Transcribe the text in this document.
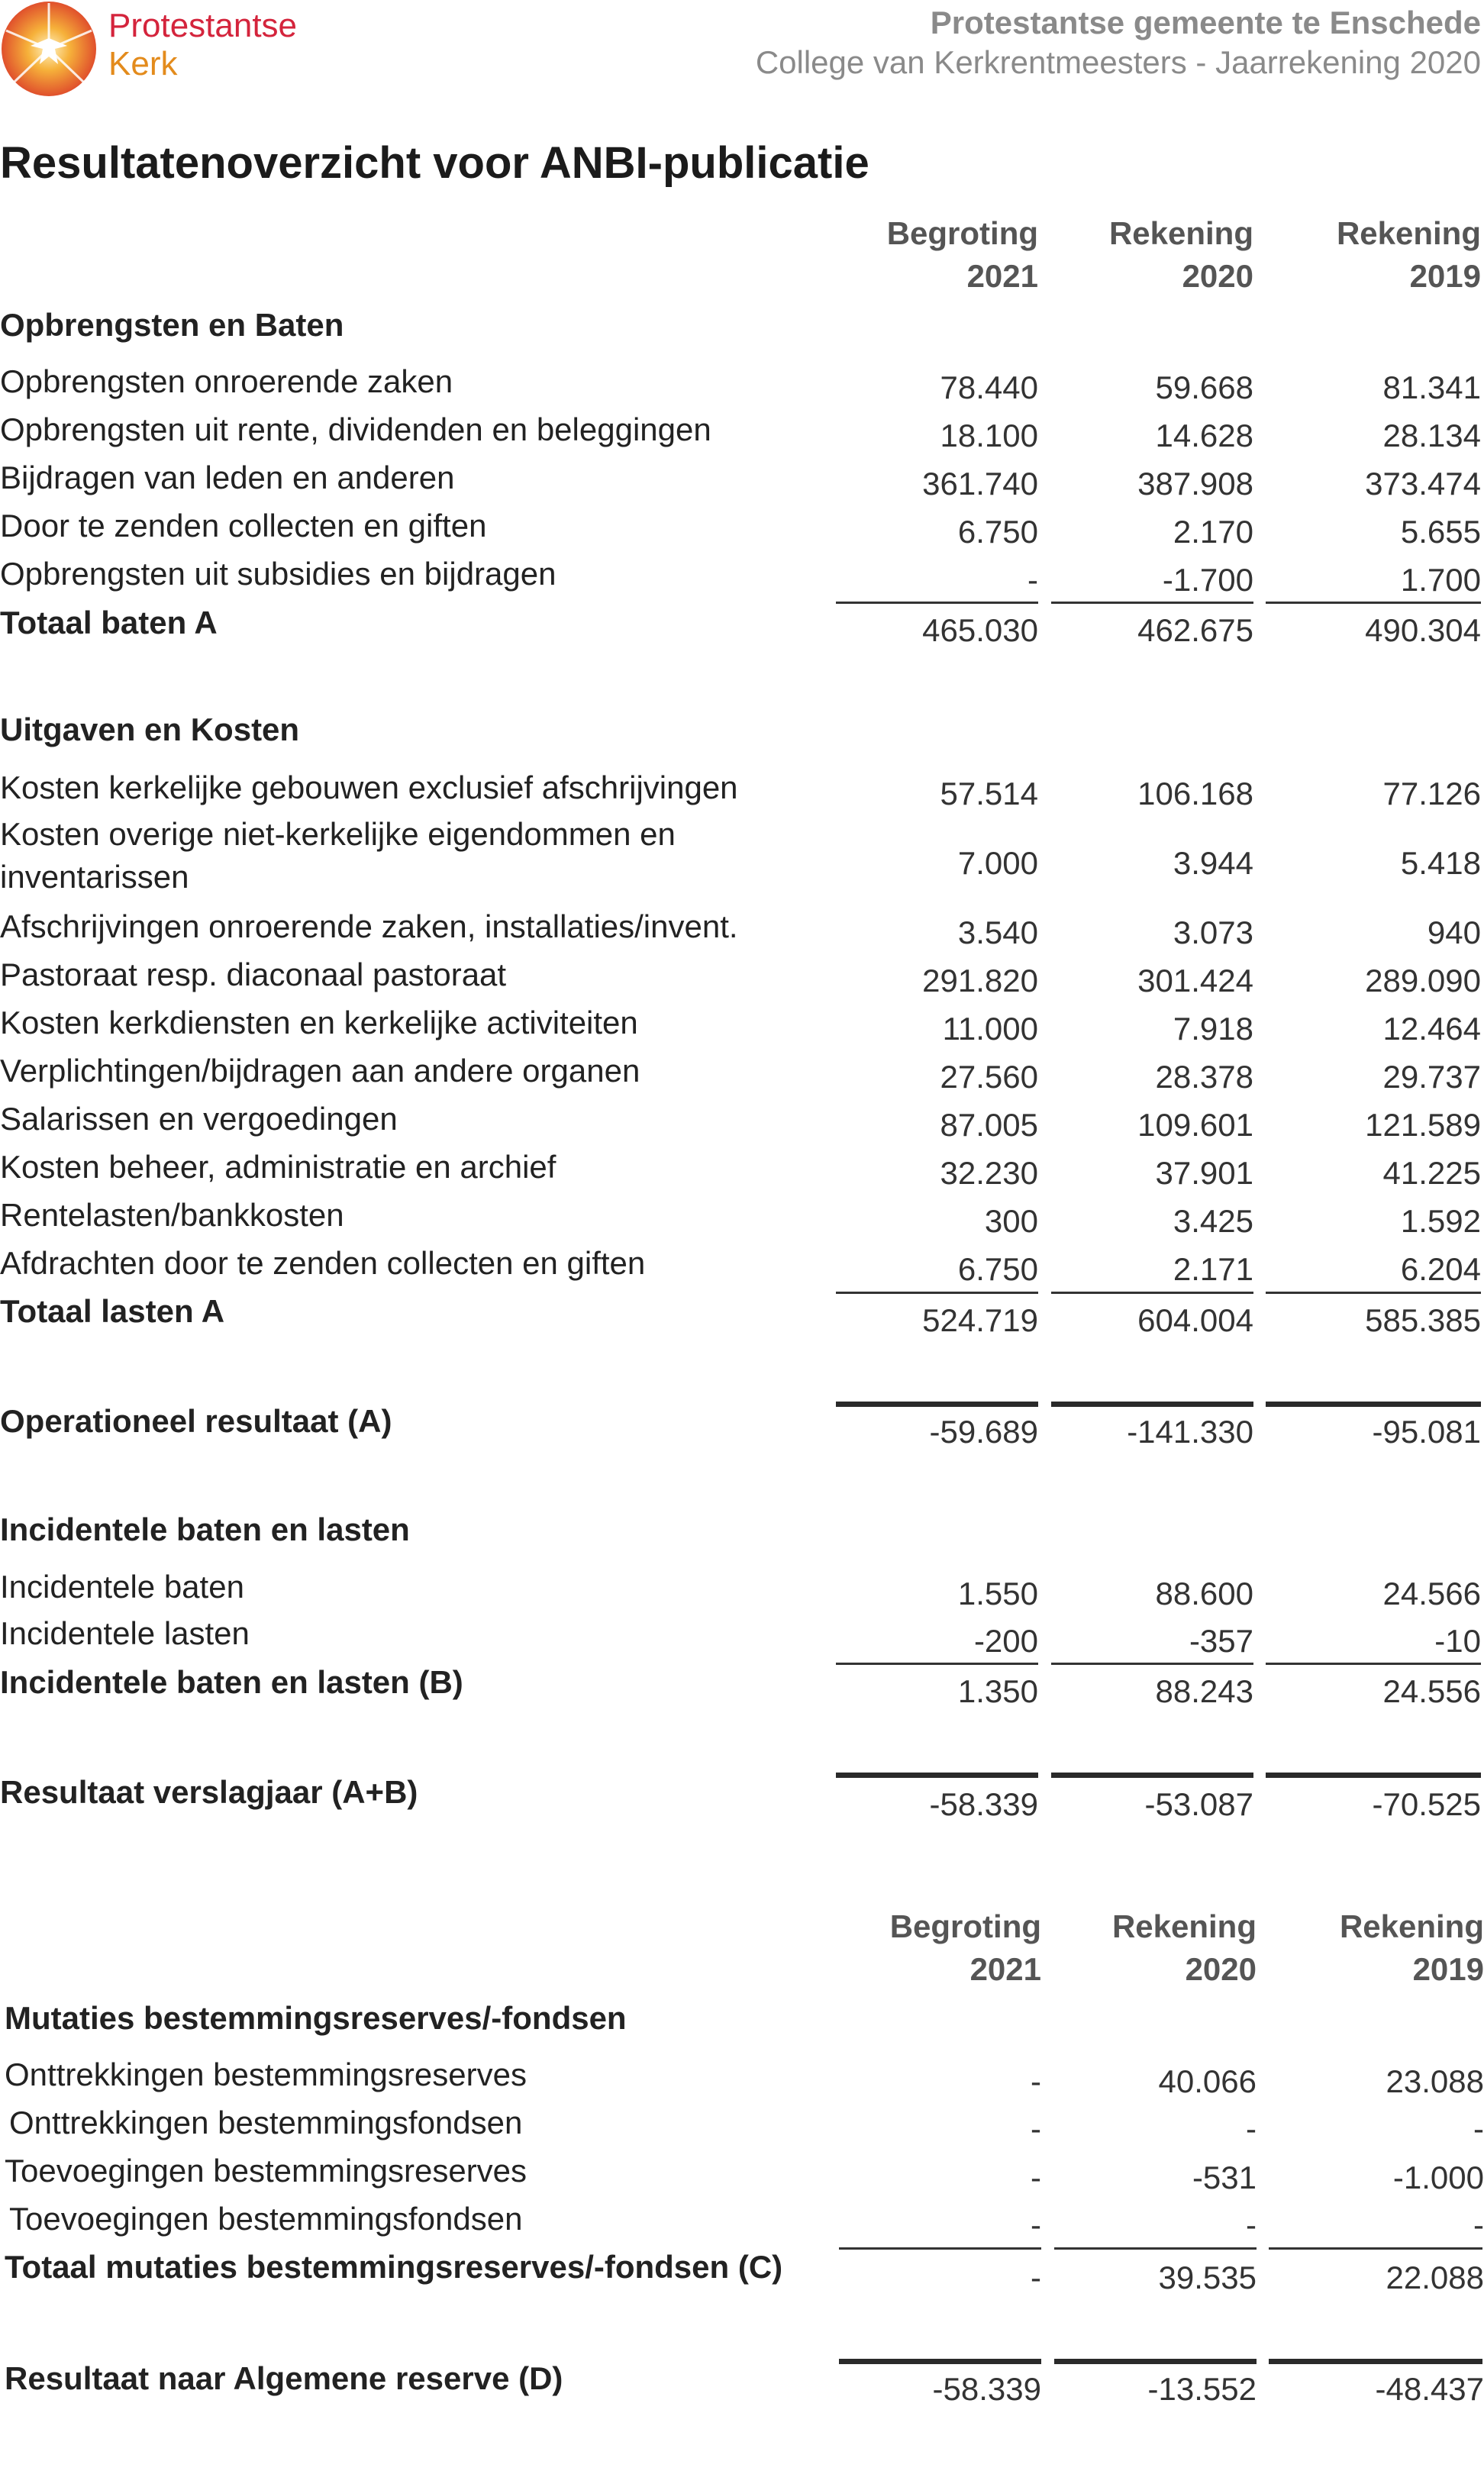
Protestantse
Kerk
Protestantse gemeente te Enschede
College van Kerkrentmeesters - Jaarrekening 2020
Resultatenoverzicht voor ANBI-publicatie
Begroting
2021
Rekening
2020
Rekening
2019
Opbrengsten en Baten
Opbrengsten onroerende zaken	78.440	59.668	81.341
Opbrengsten uit rente, dividenden en beleggingen	18.100	14.628	28.134
Bijdragen van leden en anderen	361.740	387.908	373.474
Door te zenden collecten en giften	6.750	2.170	5.655
Opbrengsten uit subsidies en bijdragen	-	-1.700	1.700
Totaal baten A	465.030	462.675	490.304
Uitgaven en Kosten
Kosten kerkelijke gebouwen exclusief afschrijvingen	57.514	106.168	77.126
Kosten overige niet-kerkelijke eigendommen en
inventarissen	7.000	3.944	5.418
Afschrijvingen onroerende zaken, installaties/invent.	3.540	3.073	940
Pastoraat resp. diaconaal pastoraat	291.820	301.424	289.090
Kosten kerkdiensten en kerkelijke activiteiten	11.000	7.918	12.464
Verplichtingen/bijdragen aan andere organen	27.560	28.378	29.737
Salarissen en vergoedingen	87.005	109.601	121.589
Kosten beheer, administratie en archief	32.230	37.901	41.225
Rentelasten/bankkosten	300	3.425	1.592
Afdrachten door te zenden collecten en giften	6.750	2.171	6.204
Totaal lasten A	524.719	604.004	585.385
Operationeel resultaat (A)	-59.689	-141.330	-95.081
Incidentele baten en lasten
Incidentele baten	1.550	88.600	24.566
Incidentele lasten	-200	-357	-10
Incidentele baten en lasten (B)	1.350	88.243	24.556
Resultaat verslagjaar (A+B)	-58.339	-53.087	-70.525
Begroting
2021
Rekening
2020
Rekening
2019
Mutaties bestemmingsreserves/-fondsen
Onttrekkingen bestemmingsreserves	-	40.066	23.088
Onttrekkingen bestemmingsfondsen	-	-	-
Toevoegingen bestemmingsreserves	-	-531	-1.000
Toevoegingen bestemmingsfondsen	-	-	-
Totaal mutaties bestemmingsreserves/-fondsen (C)	-	39.535	22.088
Resultaat naar Algemene reserve (D)	-58.339	-13.552	-48.437
